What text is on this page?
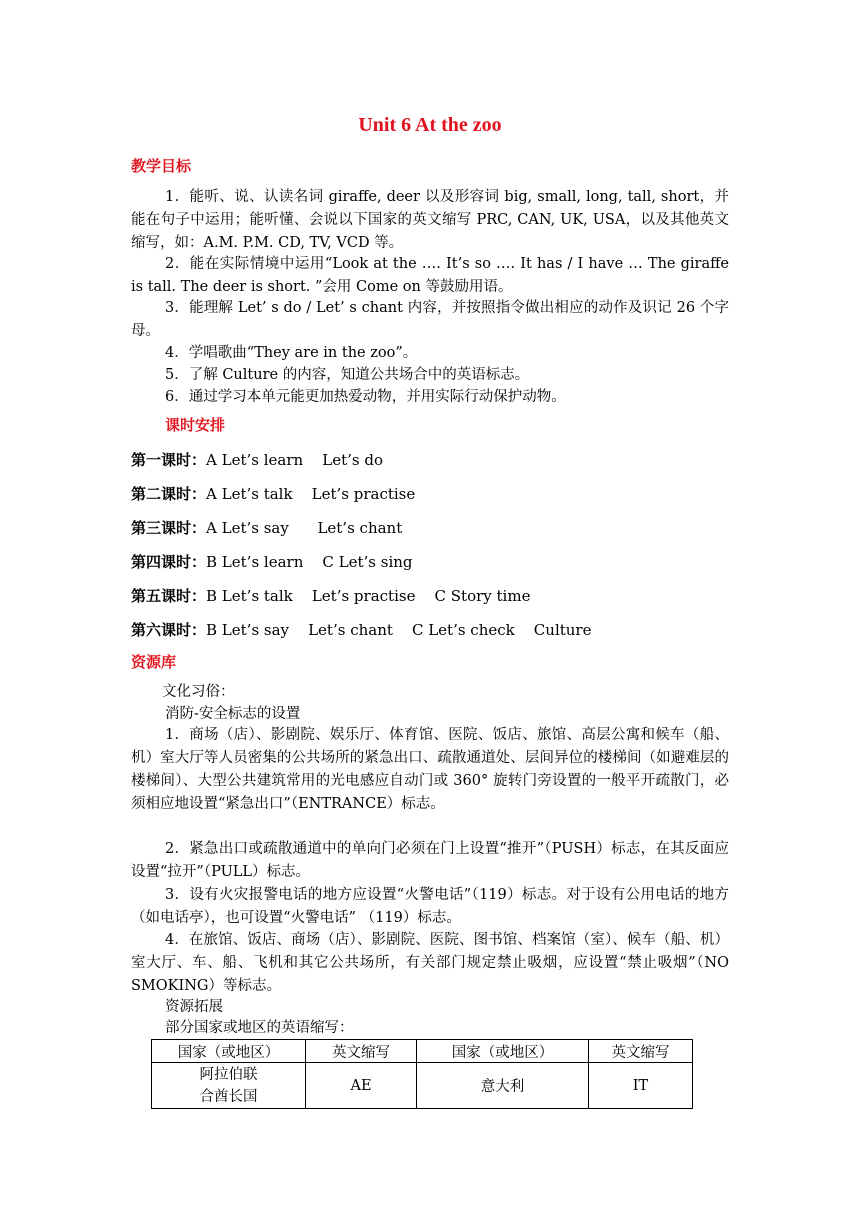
Unit 6 At the zoo
教学目标
1．能听、说、认读名词 giraffe, deer 以及形容词 big, small, long, tall, short，并能在句子中运用；能听懂、会说以下国家的英文缩写 PRC, CAN, UK, USA，以及其他英文缩写，如：A.M. P.M. CD, TV, VCD 等。
2．能在实际情境中运用“Look at the …. It’s so …. It has / I have … The giraffe is tall. The deer is short. ”会用 Come on 等鼓励用语。
3．能理解 Let’ s do / Let’ s chant 内容，并按照指令做出相应的动作及识记 26 个字母。
4．学唱歌曲“They are in the zoo”。
5．了解 Culture 的内容，知道公共场合中的英语标志。
6．通过学习本单元能更加热爱动物，并用实际行动保护动物。
课时安排
第一课时：A Let’s learn    Let’s do
第二课时：A Let’s talk    Let’s practise
第三课时：A Let’s say      Let’s chant
第四课时：B Let’s learn    C Let’s sing
第五课时：B Let’s talk    Let’s practise    C Story time
第六课时：B Let’s say    Let’s chant    C Let’s check    Culture
资源库
文化习俗：
消防-安全标志的设置
1．商场（店）、影剧院、娱乐厅、体育馆、医院、饭店、旅馆、高层公寓和候车（船、机）室大厅等人员密集的公共场所的紧急出口、疏散通道处、层间异位的楼梯间（如避难层的楼梯间）、大型公共建筑常用的光电感应自动门或 360° 旋转门旁设置的一般平开疏散门，必须相应地设置“紧急出口”（ENTRANCE）标志。
2．紧急出口或疏散通道中的单向门必须在门上设置“推开”（PUSH）标志，在其反面应设置“拉开”（PULL）标志。
3．设有火灾报警电话的地方应设置“火警电话”（119）标志。对于设有公用电话的地方（如电话亭），也可设置“火警电话” （119）标志。
4．在旅馆、饭店、商场（店）、影剧院、医院、图书馆、档案馆（室）、候车（船、机）室大厅、车、船、飞机和其它公共场所，有关部门规定禁止吸烟，应设置“禁止吸烟”（NO SMOKING）等标志。
资源拓展
部分国家或地区的英语缩写：
国家（或地区）	英文缩写	国家（或地区）	英文缩写
阿拉伯联
合酋长国	AE	意大利	IT
